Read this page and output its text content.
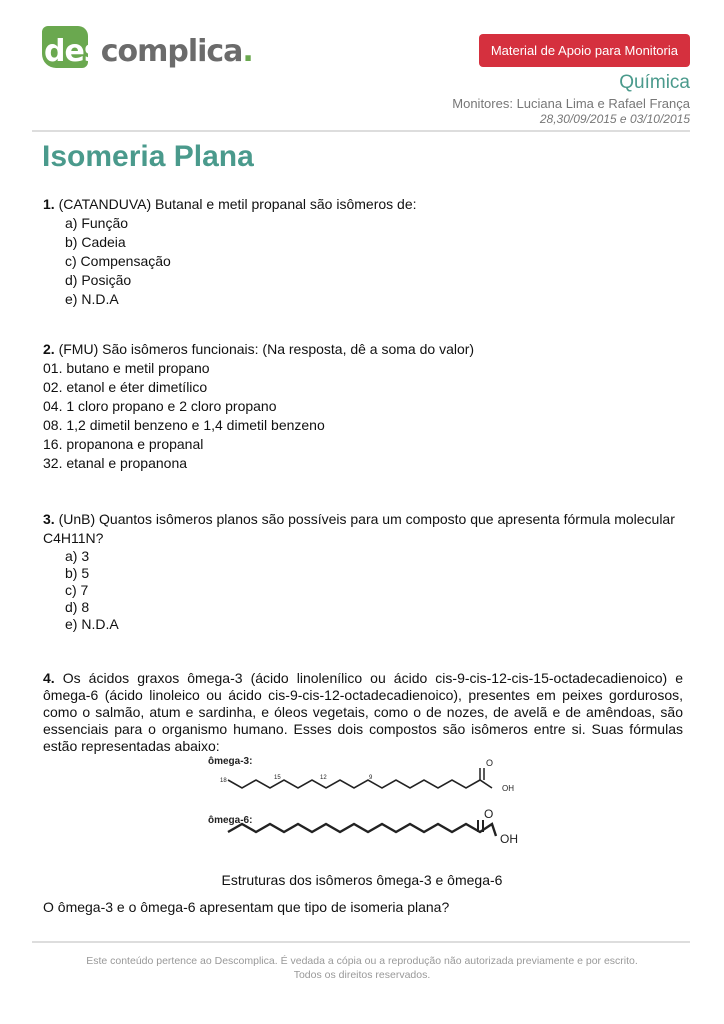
descomplica.	Material de Apoio para Monitoria
Química
Monitores: Luciana Lima e Rafael França
28,30/09/2015 e 03/10/2015
Isomeria Plana

1. (CATANDUVA) Butanal e metil propanal são isômeros de:

a) Função
b) Cadeia
c) Compensação
d) Posição
e) N.D.A

2. (FMU) São isômeros funcionais: (Na resposta, dê a soma do valor)

01. butano e metil propano
02. etanol e éter dimetílico
04. 1 cloro propano e 2 cloro propano
08. 1,2 dimetil benzeno e 1,4 dimetil benzeno
16. propanona e propanal
32. etanal e propanona

3. (UnB) Quantos isômeros planos são possíveis para um composto que apresenta fórmula molecular C4H11N?

a) 3
b) 5
c) 7
d) 8
e) N.D.A

4. Os ácidos graxos ômega-3 (ácido linolenílico ou ácido cis-9-cis-12-cis-15-octadecadienoico) e ômega-6 (ácido linoleico ou ácido cis-9-cis-12-octadecadienoico), presentes em peixes gordurosos, como o salmão, atum e sardinha, e óleos vegetais, como o de nozes, de avelã e de amêndoas, são essenciais para o organismo humano. Esses dois compostos são isômeros entre si. Suas fórmulas estão representadas abaixo:

ômega-3:
18	15	12	9
O
OH
ômega-6:	O
OH
Estruturas dos isômeros ômega-3 e ômega-6
O ômega-3 e o ômega-6 apresentam que tipo de isomeria plana?
Este conteúdo pertence ao Descomplica. É vedada a cópia ou a reprodução não autorizada previamente e por escrito.
Todos os direitos reservados.
